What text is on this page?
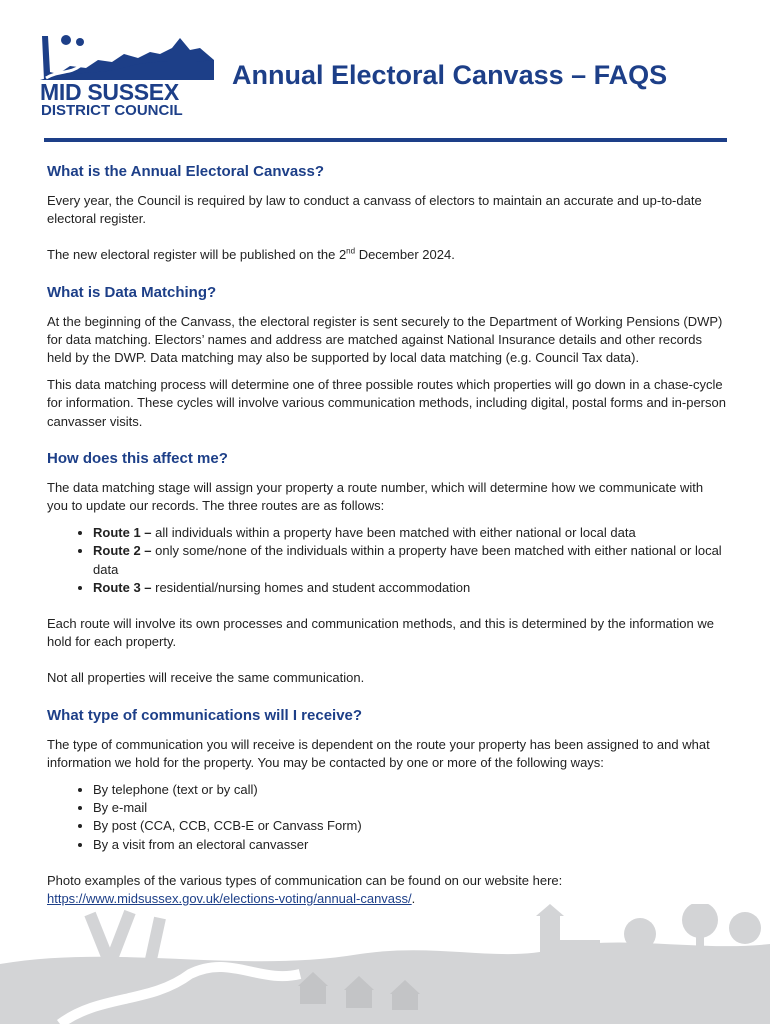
MID SUSSEX
DISTRICT COUNCIL
Annual Electoral Canvass – FAQS
What is the Annual Electoral Canvass?

Every year, the Council is required by law to conduct a canvass of electors to maintain an accurate and up-to-date electoral register.

The new electoral register will be published on the 2nd December 2024.

What is Data Matching?

At the beginning of the Canvass, the electoral register is sent securely to the Department of Working Pensions (DWP) for data matching. Electors’ names and address are matched against National Insurance details and other records held by the DWP. Data matching may also be supported by local data matching (e.g. Council Tax data).

This data matching process will determine one of three possible routes which properties will go down in a chase-cycle for information. These cycles will involve various communication methods, including digital, postal forms and in-person canvasser visits.

How does this affect me?

The data matching stage will assign your property a route number, which will determine how we communicate with you to update our records. The three routes are as follows:

• Route 1 – all individuals within a property have been matched with either national or local data
• Route 2 – only some/none of the individuals within a property have been matched with either national or local data
• Route 3 – residential/nursing homes and student accommodation

Each route will involve its own processes and communication methods, and this is determined by the information we hold for each property.

Not all properties will receive the same communication.

What type of communications will I receive?

The type of communication you will receive is dependent on the route your property has been assigned to and what information we hold for the property. You may be contacted by one or more of the following ways:

• By telephone (text or by call)
• By e-mail
• By post (CCA, CCB, CCB-E or Canvass Form)
• By a visit from an electoral canvasser

Photo examples of the various types of communication can be found on our website here:
https://www.midsussex.gov.uk/elections-voting/annual-canvass/.
